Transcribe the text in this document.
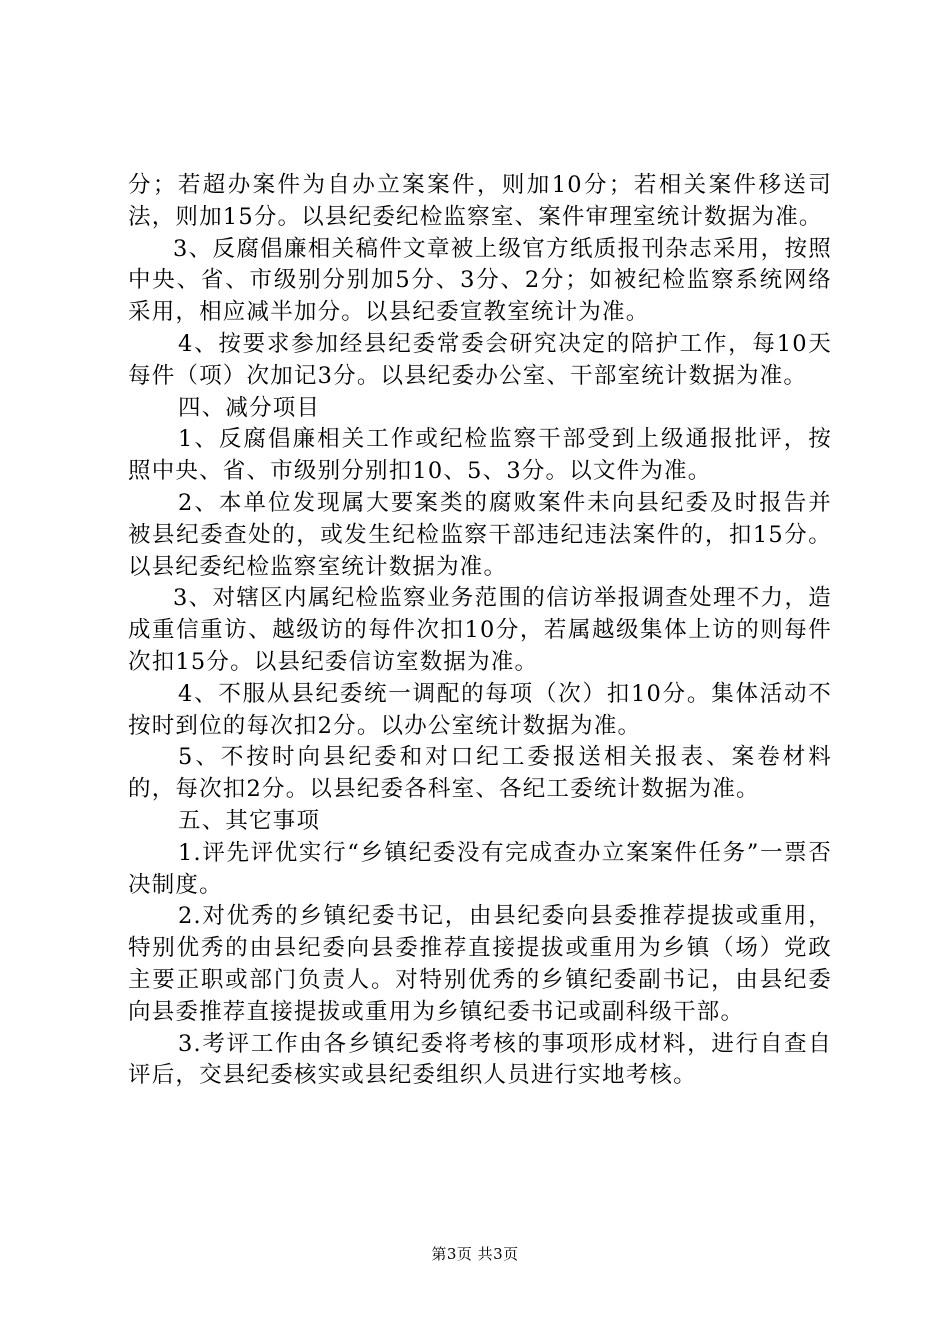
分；若超办案件为自办立案案件，则加10分；若相关案件移送司法，则加15分。以县纪委纪检监察室、案件审理室统计数据为准。

3、反腐倡廉相关稿件文章被上级官方纸质报刊杂志采用，按照中央、省、市级别分别加5分、3分、2分；如被纪检监察系统网络采用，相应减半加分。以县纪委宣教室统计为准。

4、按要求参加经县纪委常委会研究决定的陪护工作，每10天每件（项）次加记3分。以县纪委办公室、干部室统计数据为准。

四、减分项目

1、反腐倡廉相关工作或纪检监察干部受到上级通报批评，按照中央、省、市级别分别扣10、5、3分。以文件为准。

2、本单位发现属大要案类的腐败案件未向县纪委及时报告并被县纪委查处的，或发生纪检监察干部违纪违法案件的，扣15分。以县纪委纪检监察室统计数据为准。

3、对辖区内属纪检监察业务范围的信访举报调查处理不力，造成重信重访、越级访的每件次扣10分，若属越级集体上访的则每件次扣15分。以县纪委信访室数据为准。

4、不服从县纪委统一调配的每项（次）扣10分。集体活动不按时到位的每次扣2分。以办公室统计数据为准。

5、不按时向县纪委和对口纪工委报送相关报表、案卷材料的，每次扣2分。以县纪委各科室、各纪工委统计数据为准。

五、其它事项

1.评先评优实行“乡镇纪委没有完成查办立案案件任务”一票否决制度。

2.对优秀的乡镇纪委书记，由县纪委向县委推荐提拔或重用，特别优秀的由县纪委向县委推荐直接提拔或重用为乡镇（场）党政主要正职或部门负责人。对特别优秀的乡镇纪委副书记，由县纪委向县委推荐直接提拔或重用为乡镇纪委书记或副科级干部。

3.考评工作由各乡镇纪委将考核的事项形成材料，进行自查自评后，交县纪委核实或县纪委组织人员进行实地考核。

第3页 共3页
